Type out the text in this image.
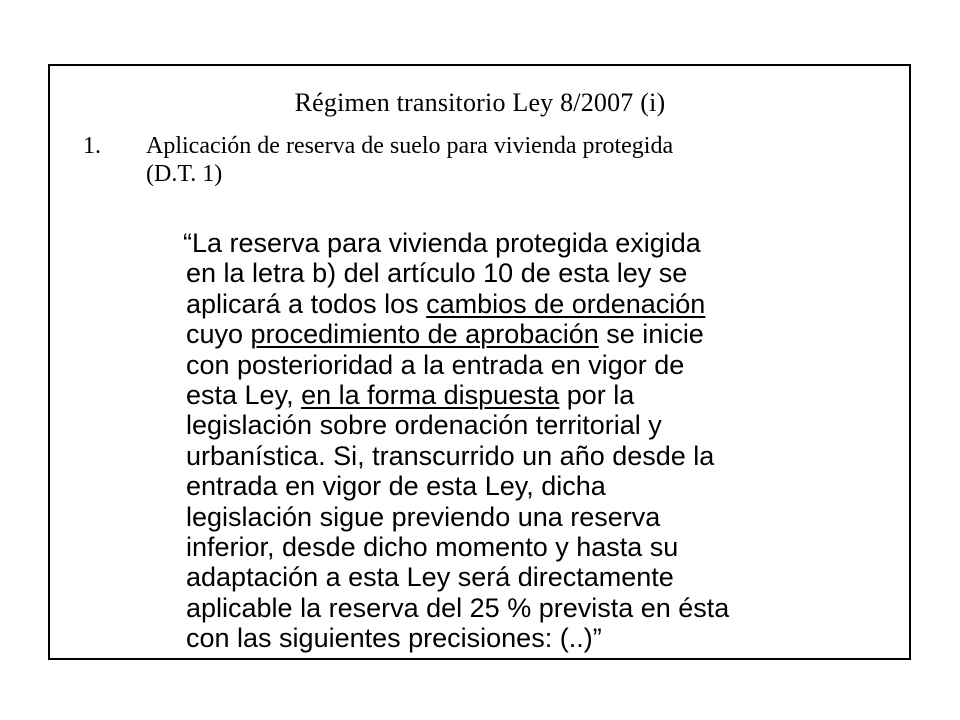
Régimen transitorio Ley 8/2007 (i)
1. Aplicación de reserva de suelo para vivienda protegida
(D.T. 1)
“La reserva para vivienda protegida exigida
en la letra b) del artículo 10 de esta ley se
aplicará a todos los cambios de ordenación
cuyo procedimiento de aprobación se inicie
con posterioridad a la entrada en vigor de
esta Ley, en la forma dispuesta por la
legislación sobre ordenación territorial y
urbanística. Si, transcurrido un año desde la
entrada en vigor de esta Ley, dicha
legislación sigue previendo una reserva
inferior, desde dicho momento y hasta su
adaptación a esta Ley será directamente
aplicable la reserva del 25 % prevista en ésta
con las siguientes precisiones: (..)”
